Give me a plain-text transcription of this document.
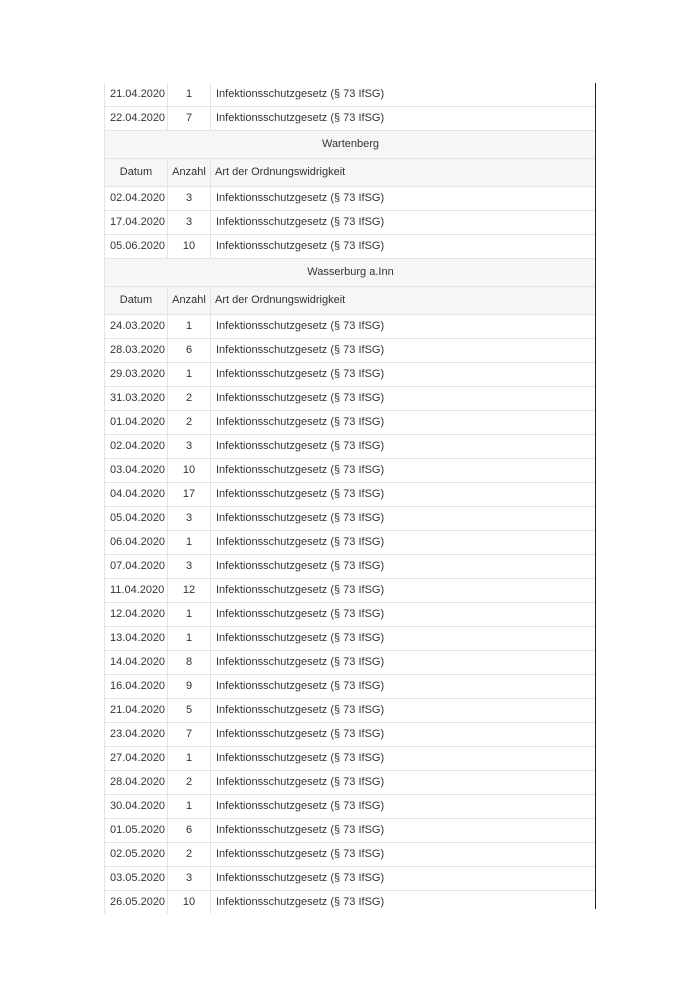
21.04.2020	1	Infektionsschutzgesetz (§ 73 IfSG)
22.04.2020	7	Infektionsschutzgesetz (§ 73 IfSG)
Wartenberg		
Datum	Anzahl	Art der Ordnungswidrigkeit
02.04.2020	3	Infektionsschutzgesetz (§ 73 IfSG)
17.04.2020	3	Infektionsschutzgesetz (§ 73 IfSG)
05.06.2020	10	Infektionsschutzgesetz (§ 73 IfSG)
Wasserburg a.Inn		
Datum	Anzahl	Art der Ordnungswidrigkeit
24.03.2020	1	Infektionsschutzgesetz (§ 73 IfSG)
28.03.2020	6	Infektionsschutzgesetz (§ 73 IfSG)
29.03.2020	1	Infektionsschutzgesetz (§ 73 IfSG)
31.03.2020	2	Infektionsschutzgesetz (§ 73 IfSG)
01.04.2020	2	Infektionsschutzgesetz (§ 73 IfSG)
02.04.2020	3	Infektionsschutzgesetz (§ 73 IfSG)
03.04.2020	10	Infektionsschutzgesetz (§ 73 IfSG)
04.04.2020	17	Infektionsschutzgesetz (§ 73 IfSG)
05.04.2020	3	Infektionsschutzgesetz (§ 73 IfSG)
06.04.2020	1	Infektionsschutzgesetz (§ 73 IfSG)
07.04.2020	3	Infektionsschutzgesetz (§ 73 IfSG)
11.04.2020	12	Infektionsschutzgesetz (§ 73 IfSG)
12.04.2020	1	Infektionsschutzgesetz (§ 73 IfSG)
13.04.2020	1	Infektionsschutzgesetz (§ 73 IfSG)
14.04.2020	8	Infektionsschutzgesetz (§ 73 IfSG)
16.04.2020	9	Infektionsschutzgesetz (§ 73 IfSG)
21.04.2020	5	Infektionsschutzgesetz (§ 73 IfSG)
23.04.2020	7	Infektionsschutzgesetz (§ 73 IfSG)
27.04.2020	1	Infektionsschutzgesetz (§ 73 IfSG)
28.04.2020	2	Infektionsschutzgesetz (§ 73 IfSG)
30.04.2020	1	Infektionsschutzgesetz (§ 73 IfSG)
01.05.2020	6	Infektionsschutzgesetz (§ 73 IfSG)
02.05.2020	2	Infektionsschutzgesetz (§ 73 IfSG)
03.05.2020	3	Infektionsschutzgesetz (§ 73 IfSG)
26.05.2020	10	Infektionsschutzgesetz (§ 73 IfSG)
